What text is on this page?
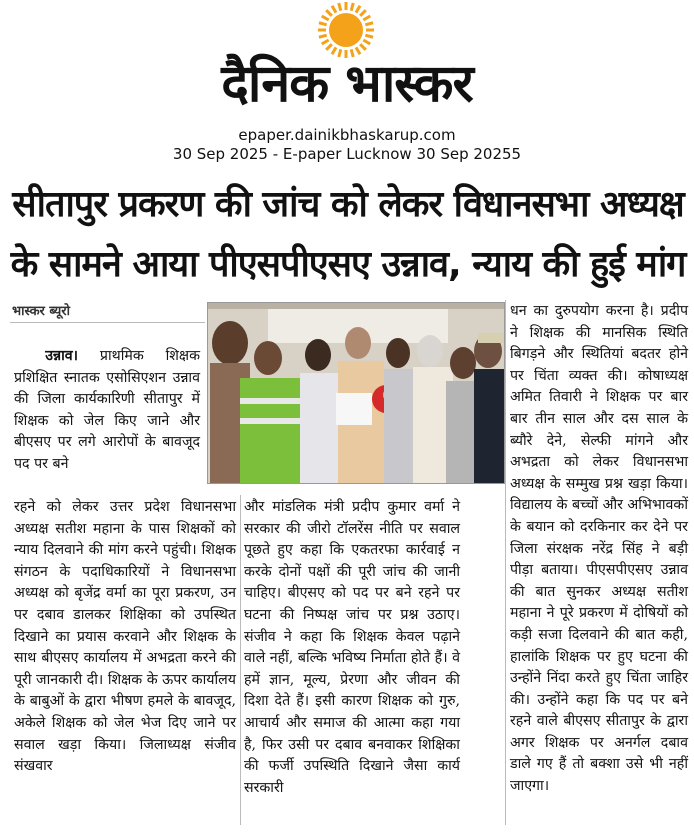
दैनिक भास्कर
epaper.dainikbhaskarup.com
30 Sep 2025 - E-paper Lucknow 30 Sep 20255
सीतापुर प्रकरण की जांच को लेकर विधानसभा अध्यक्ष
के सामने आया पीएसपीएसए उन्नाव, न्याय की हुई मांग
भास्कर ब्यूरो

उन्नाव। प्राथमिक शिक्षक प्रशिक्षित स्नातक एसोसिएशन उन्नाव की जिला कार्यकारिणी सीतापुर में शिक्षक को जेल किए जाने और बीएसए पर लगे आरोपों के बावजूद पद पर बने

रहने को लेकर उत्तर प्रदेश विधानसभा अध्यक्ष सतीश महाना के पास शिक्षकों को न्याय दिलवाने की मांग करने पहुंची। शिक्षक संगठन के पदाधिकारियों ने विधानसभा अध्यक्ष को बृजेंद्र वर्मा का पूरा प्रकरण, उन पर दबाव डालकर शिक्षिका को उपस्थित दिखाने का प्रयास करवाने और शिक्षक के साथ बीएसए कार्यालय में अभद्रता करने की पूरी जानकारी दी। शिक्षक के ऊपर कार्यालय के बाबुओं के द्वारा भीषण हमले के बावजूद, अकेले शिक्षक को जेल भेज दिए जाने पर सवाल खड़ा किया। जिलाध्यक्ष संजीव संखवार

और मांडलिक मंत्री प्रदीप कुमार वर्मा ने सरकार की जीरो टॉलरेंस नीति पर सवाल पूछते हुए कहा कि एकतरफा कार्रवाई न करके दोनों पक्षों की पूरी जांच की जानी चाहिए। बीएसए को पद पर बने रहने पर घटना की निष्पक्ष जांच पर प्रश्न उठाए। संजीव ने कहा कि शिक्षक केवल पढ़ाने वाले नहीं, बल्कि भविष्य निर्माता होते हैं। वे हमें ज्ञान, मूल्य, प्रेरणा और जीवन की दिशा देते हैं। इसी कारण शिक्षक को गुरु, आचार्य और समाज की आत्मा कहा गया है, फिर उसी पर दबाव बनवाकर शिक्षिका की फर्जी उपस्थिति दिखाने जैसा कार्य सरकारी

धन का दुरुपयोग करना है। प्रदीप ने शिक्षक की मानसिक स्थिति बिगड़ने और स्थितियां बदतर होने पर चिंता व्यक्त की। कोषाध्यक्ष अमित तिवारी ने शिक्षक पर बार बार तीन साल और दस साल के ब्यौरे देने, सेल्फी मांगने और अभद्रता को लेकर विधानसभा अध्यक्ष के सम्मुख प्रश्न खड़ा किया। विद्यालय के बच्चों और अभिभावकों के बयान को दरकिनार कर देने पर जिला संरक्षक नरेंद्र सिंह ने बड़ी पीड़ा बताया। पीएसपीएसए उन्नाव की बात सुनकर अध्यक्ष सतीश महाना ने पूरे प्रकरण में दोषियों को कड़ी सजा दिलवाने की बात कही, हालांकि शिक्षक पर हुए घटना की उन्होंने निंदा करते हुए चिंता जाहिर की। उन्होंने कहा कि पद पर बने रहने वाले बीएसए सीतापुर के द्वारा अगर शिक्षक पर अनर्गल दबाव डाले गए हैं तो बक्शा उसे भी नहीं जाएगा।
